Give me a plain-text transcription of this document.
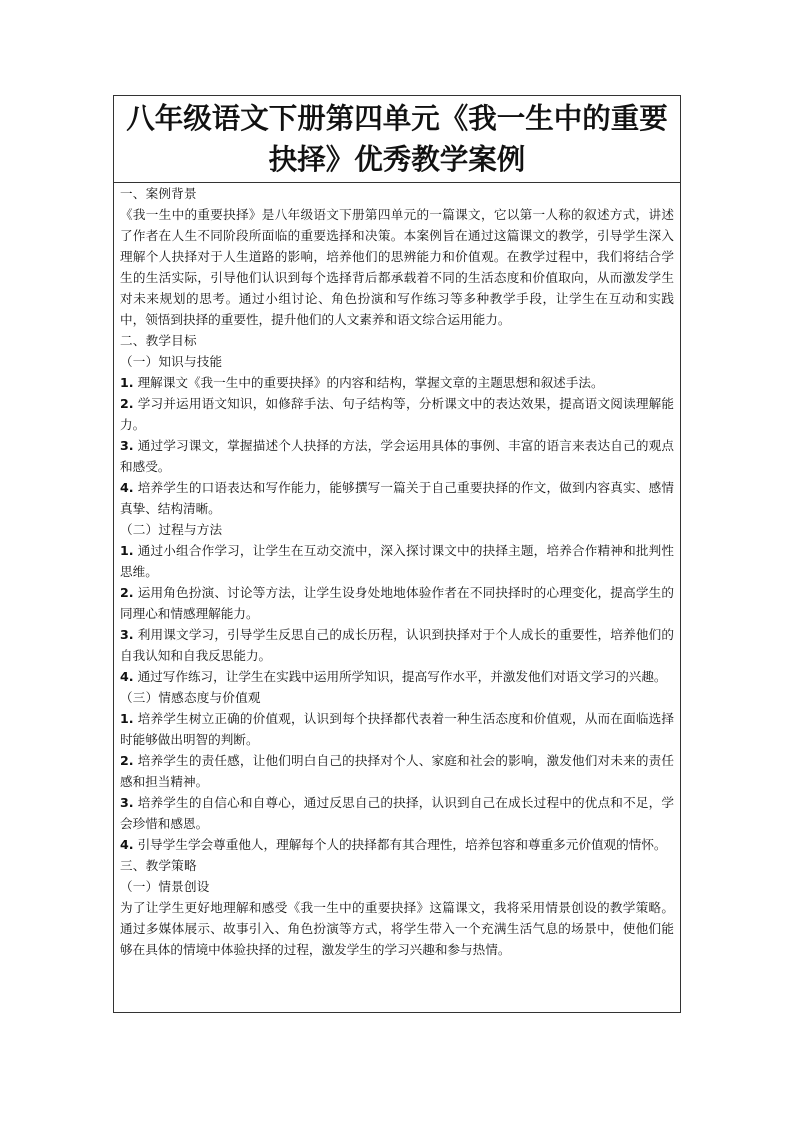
八年级语文下册第四单元《我一生中的重要抉择》优秀教学案例

一、案例背景

《我一生中的重要抉择》是八年级语文下册第四单元的一篇课文，它以第一人称的叙述方式，讲述了作者在人生不同阶段所面临的重要选择和决策。本案例旨在通过这篇课文的教学，引导学生深入理解个人抉择对于人生道路的影响，培养他们的思辨能力和价值观。在教学过程中，我们将结合学生的生活实际，引导他们认识到每个选择背后都承载着不同的生活态度和价值取向，从而激发学生对未来规划的思考。通过小组讨论、角色扮演和写作练习等多种教学手段，让学生在互动和实践中，领悟到抉择的重要性，提升他们的人文素养和语文综合运用能力。

二、教学目标

（一）知识与技能

1. 理解课文《我一生中的重要抉择》的内容和结构，掌握文章的主题思想和叙述手法。

2. 学习并运用语文知识，如修辞手法、句子结构等，分析课文中的表达效果，提高语文阅读理解能力。

3. 通过学习课文，掌握描述个人抉择的方法，学会运用具体的事例、丰富的语言来表达自己的观点和感受。

4. 培养学生的口语表达和写作能力，能够撰写一篇关于自己重要抉择的作文，做到内容真实、感情真挚、结构清晰。

（二）过程与方法

1. 通过小组合作学习，让学生在互动交流中，深入探讨课文中的抉择主题，培养合作精神和批判性思维。

2. 运用角色扮演、讨论等方法，让学生设身处地地体验作者在不同抉择时的心理变化，提高学生的同理心和情感理解能力。

3. 利用课文学习，引导学生反思自己的成长历程，认识到抉择对于个人成长的重要性，培养他们的自我认知和自我反思能力。

4. 通过写作练习，让学生在实践中运用所学知识，提高写作水平，并激发他们对语文学习的兴趣。

（三）情感态度与价值观

1. 培养学生树立正确的价值观，认识到每个抉择都代表着一种生活态度和价值观，从而在面临选择时能够做出明智的判断。

2. 培养学生的责任感，让他们明白自己的抉择对个人、家庭和社会的影响，激发他们对未来的责任感和担当精神。

3. 培养学生的自信心和自尊心，通过反思自己的抉择，认识到自己在成长过程中的优点和不足，学会珍惜和感恩。

4. 引导学生学会尊重他人，理解每个人的抉择都有其合理性，培养包容和尊重多元价值观的情怀。

三、教学策略

（一）情景创设

为了让学生更好地理解和感受《我一生中的重要抉择》这篇课文，我将采用情景创设的教学策略。通过多媒体展示、故事引入、角色扮演等方式，将学生带入一个充满生活气息的场景中，使他们能够在具体的情境中体验抉择的过程，激发学生的学习兴趣和参与热情。
